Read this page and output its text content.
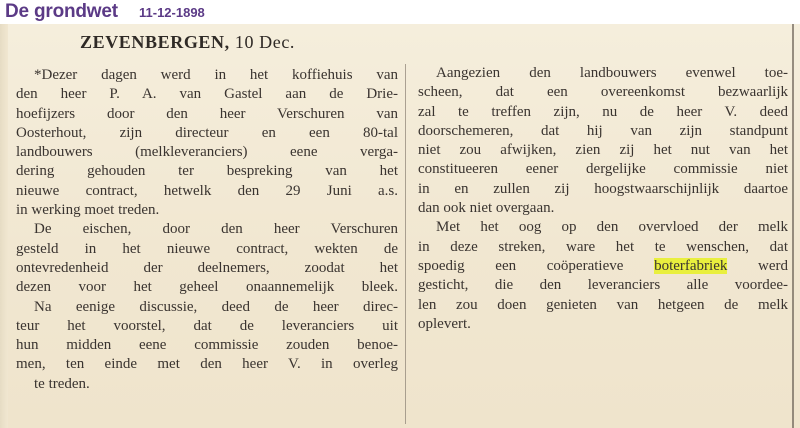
De grondwet 11-12-1898
ZEVENBERGEN, 10 Dec.
*Dezer dagen werd in het koffiehuis van
den heer P. A. van Gastel aan de Drie-
hoefijzers door den heer Verschuren van
Oosterhout, zijn directeur en een 80-tal
landbouwers (melkleveranciers) eene verga-
dering gehouden ter bespreking van het
nieuwe contract, hetwelk den 29 Juni a.s.
in werking moet treden.
De eischen, door den heer Verschuren
gesteld in het nieuwe contract, wekten de
ontevredenheid der deelnemers, zoodat het
dezen voor het geheel onaannemelijk bleek.
Na eenige discussie, deed de heer direc-
teur het voorstel, dat de leveranciers uit
hun midden eene commissie zouden benoe-
men, ten einde met den heer V. in overleg
te treden.
Aangezien den landbouwers evenwel toe-
scheen, dat een overeenkomst bezwaarlijk
zal te treffen zijn, nu de heer V. deed
doorschemeren, dat hij van zijn standpunt
niet zou afwijken, zien zij het nut van het
constitueeren eener dergelijke commissie niet
in en zullen zij hoogstwaarschijnlijk daartoe
dan ook niet overgaan.
Met het oog op den overvloed der melk
in deze streken, ware het te wenschen, dat
spoedig een coöperatieve boterfabriek werd
gesticht, die den leveranciers alle voordee-
len zou doen genieten van hetgeen de melk
oplevert.
